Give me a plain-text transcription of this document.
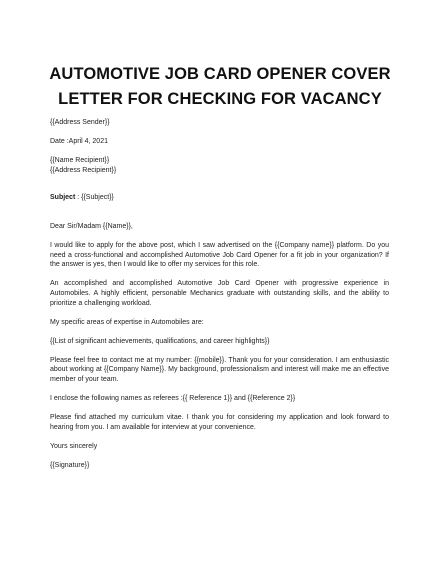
AUTOMOTIVE JOB CARD OPENER COVER
LETTER FOR CHECKING FOR VACANCY
{{Address Sender}}
Date :April 4, 2021
{{Name Recipient}}
{{Address Recipient}}
Subject : {{Subject}}
Dear Sir/Madam {{Name}},
I would like to apply for the above post, which I saw advertised on the {{Company name}} platform. Do you need a cross-functional and accomplished Automotive Job Card Opener for a fit job in your organization? If the answer is yes, then I would like to offer my services for this role.
An accomplished and accomplished Automotive Job Card Opener with progressive experience in Automobiles. A highly efficient, personable Mechanics graduate with outstanding skills, and the ability to prioritize a challenging workload.
My specific areas of expertise in Automobiles are:
{{List of significant achievements, qualifications, and career highlights}}
Please feel free to contact me at my number: {{mobile}}. Thank you for your consideration. I am enthusiastic about working at {{Company Name}}. My background, professionalism and interest will make me an effective member of your team.
I enclose the following names as referees :{{ Reference 1}} and {{Reference 2}}
Please find attached my curriculum vitae. I thank you for considering my application and look forward to hearing from you. I am available for interview at your convenience.
Yours sincerely
{{Signature}}
